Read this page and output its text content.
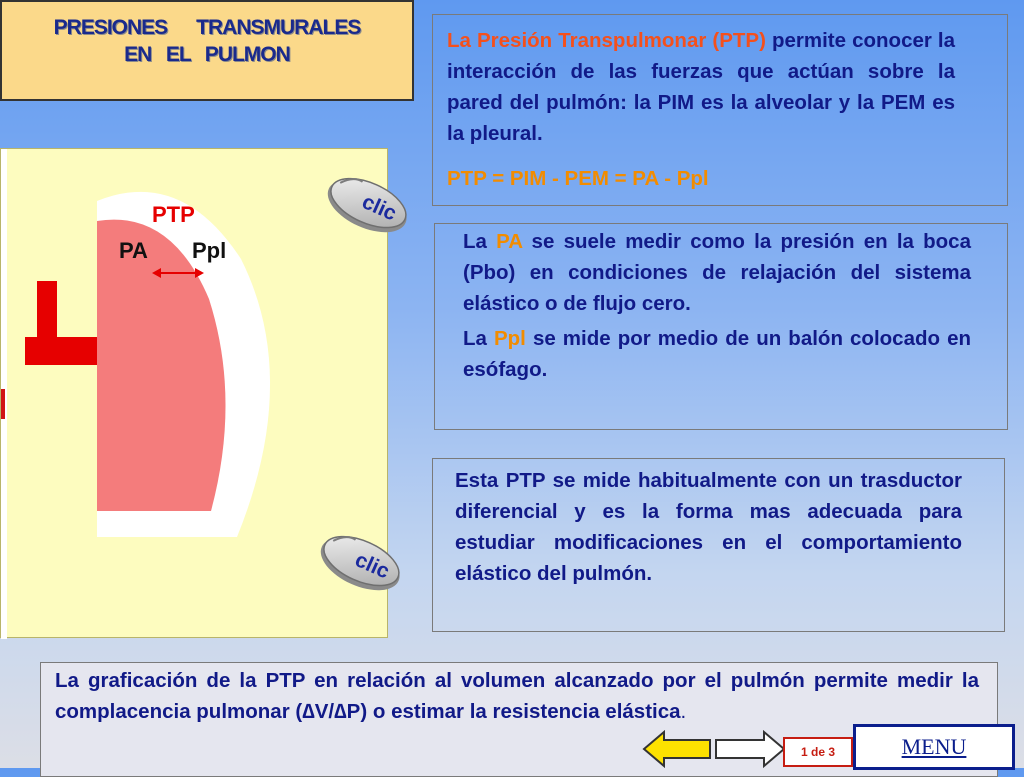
PRESIONES      TRANSMURALES
EN   EL   PULMON

La Presión Transpulmonar (PTP) permite conocer la interacción de las fuerzas que actúan sobre la pared del pulmón: la PIM es la alveolar y la PEM es la pleural.

PTP = PIM - PEM = PA - Ppl

La PA se suele medir como la presión en la boca (Pbo) en condiciones de relajación del sistema elástico o de flujo cero.

La Ppl se mide por medio de un balón colocado en esófago.

Esta PTP se mide habitualmente con un trasductor diferencial y es la forma mas adecuada para estudiar modificaciones en el comportamiento elástico del pulmón.

La graficación de la PTP en relación al volumen alcanzado por el pulmón permite medir la complacencia pulmonar (∆V/∆P) o estimar la resistencia elástica.

PTP
PA Ppl
clic
clic
1 de 3	MENU
